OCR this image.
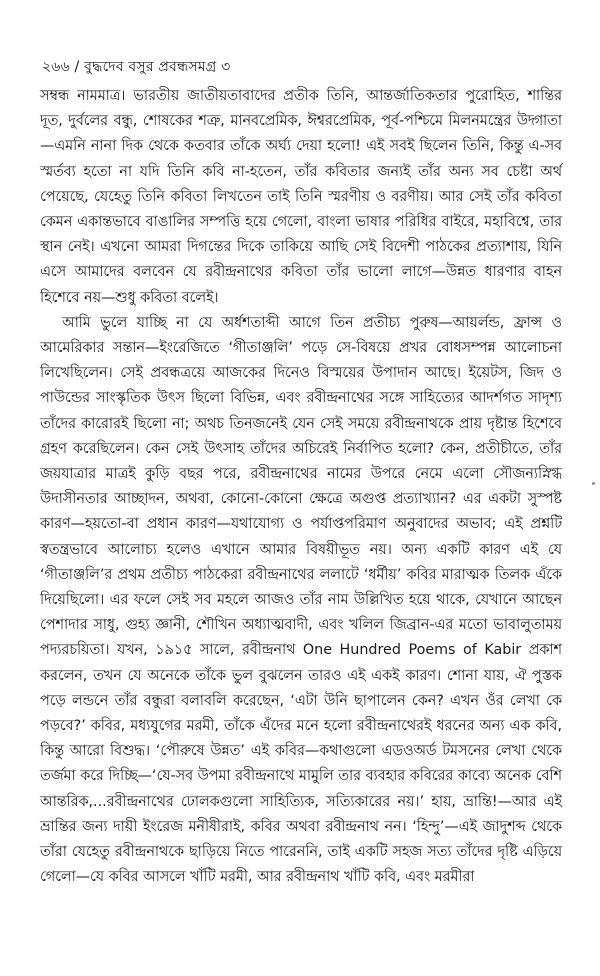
২৬৬ / বুদ্ধদেব বসুর প্রবন্ধসমগ্র ৩

সম্বন্ধ নামমাত্র। ভারতীয় জাতীয়তাবাদের প্রতীক তিনি, আন্তর্জাতিকতার পুরোহিত, শান্তির দূত, দুর্বলের বন্ধু, শোষকের শত্রু, মানবপ্রেমিক, ঈশ্বরপ্রেমিক, পূর্ব-পশ্চিমে মিলনমন্ত্রের উদ্গাতা—এমনি নানা দিক থেকে কতবার তাঁকে অর্ঘ্য দেয়া হলো! এই সবই ছিলেন তিনি, কিন্তু এ-সব স্মর্তব্য হতো না যদি তিনি কবি না-হতেন, তাঁর কবিতার জন্যই তাঁর অন্য সব চেষ্টা অর্থ পেয়েছে, যেহেতু তিনি কবিতা লিখতেন তাই তিনি স্মরণীয় ও বরণীয়। আর সেই তাঁর কবিতা কেমন একান্তভাবে বাঙালির সম্পত্তি হয়ে গেলো, বাংলা ভাষার পরিধির বাইরে, মহাবিশ্বে, তার স্থান নেই। এখনো আমরা দিগন্তের দিকে তাকিয়ে আছি সেই বিদেশী পাঠকের প্রত্যাশায়, যিনি এসে আমাদের বলবেন যে রবীন্দ্রনাথের কবিতা তাঁর ভালো লাগে—উন্নত ধারণার বাহন হিশেবে নয়—শুধু কবিতা বলেই।

আমি ভুলে যাচ্ছি না যে অর্ধশতাব্দী আগে তিন প্রতীচ্য পুরুষ—আয়র্লন্ড, ফ্রান্স ও আমেরিকার সন্তান—ইংরেজিতে ‘গীতাঞ্জলি’ পড়ে সে-বিষয়ে প্রখর বোধসম্পন্ন আলোচনা লিখেছিলেন। সেই প্রবন্ধত্রয়ে আজকের দিনেও বিস্ময়ের উপাদান আছে। ইয়েটস, জিদ ও পাউন্ডের সাংস্কৃতিক উৎস ছিলো বিভিন্ন, এবং রবীন্দ্রনাথের সঙ্গে সাহিত্যের আদর্শগত সাদৃশ্য তাঁদের কারোরই ছিলো না; অথচ তিনজনেই যেন সেই সময়ে রবীন্দ্রনাথকে প্রায় দৃষ্টান্ত হিশেবে গ্রহণ করেছিলেন। কেন সেই উৎসাহ তাঁদের অচিরেই নির্বাপিত হলো? কেন, প্রতীচীতে, তাঁর জয়যাত্রার মাত্রই কুড়ি বছর পরে, রবীন্দ্রনাথের নামের উপরে নেমে এলো সৌজন্যস্নিগ্ধ উদাসীনতার আচ্ছাদন, অথবা, কোনো-কোনো ক্ষেত্রে অগুপ্ত প্রত্যাখ্যান? এর একটা সুস্পষ্ট কারণ—হয়তো-বা প্রধান কারণ—যথাযোগ্য ও পর্যাপ্তপরিমাণ অনুবাদের অভাব; এই প্রশ্নটি স্বতন্ত্রভাবে আলোচ্য হলেও এখানে আমার বিষয়ীভূত নয়। অন্য একটি কারণ এই যে ‘গীতাঞ্জলি’র প্রথম প্রতীচ্য পাঠকেরা রবীন্দ্রনাথের ললাটে ‘ধর্মীয়’ কবির মারাত্মক তিলক এঁকে দিয়েছিলো। এর ফলে সেই সব মহলে আজও তাঁর নাম উল্লিখিত হয়ে থাকে, যেখানে আছেন পেশাদার সাধু, গুহ্য জ্ঞানী, শৌখিন অধ্যাত্মবাদী, এবং খলিল জিব্রান-এর মতো ভাবালুতাময় পদ্যরচয়িতা। যখন, ১৯১৫ সালে, রবীন্দ্রনাথ One Hundred Poems of Kabir প্রকাশ করলেন, তখন যে অনেকে তাঁকে ভুল বুঝলেন তারও এই একই কারণ। শোনা যায়, ঐ পুস্তক পড়ে লন্ডনে তাঁর বন্ধুরা বলাবলি করেছেন, ‘এটা উনি ছাপালেন কেন? এখন ওঁর লেখা কে পড়বে?’ কবির, মধ্যযুগের মরমী, তাঁকে এঁদের মনে হলো রবীন্দ্রনাথেরই ধরনের অন্য এক কবি, কিন্তু আরো বিশুদ্ধ। ‘পৌরুষে উন্নত’ এই কবির—কথাগুলো এডওঅর্ড টমসনের লেখা থেকে তর্জমা করে দিচ্ছি—‘যে-সব উপমা রবীন্দ্রনাথে মামুলি তার ব্যবহার কবিরের কাব্যে অনেক বেশি আন্তরিক,...রবীন্দ্রনাথের ঢোলকগুলো সাহিত্যিক, সত্যিকারের নয়।’ হায়, ভ্রান্তি!—আর এই ভ্রান্তির জন্য দায়ী ইংরেজ মনীষীরাই, কবির অথবা রবীন্দ্রনাথ নন। ‘হিন্দু’—এই জাদুশব্দ থেকে তাঁরা যেহেতু রবীন্দ্রনাথকে ছাড়িয়ে নিতে পারেননি, তাই একটি সহজ সত্য তাঁদের দৃষ্টি এড়িয়ে গেলো—যে কবির আসলে খাঁটি মরমী, আর রবীন্দ্রনাথ খাঁটি কবি, এবং মরমীরা
